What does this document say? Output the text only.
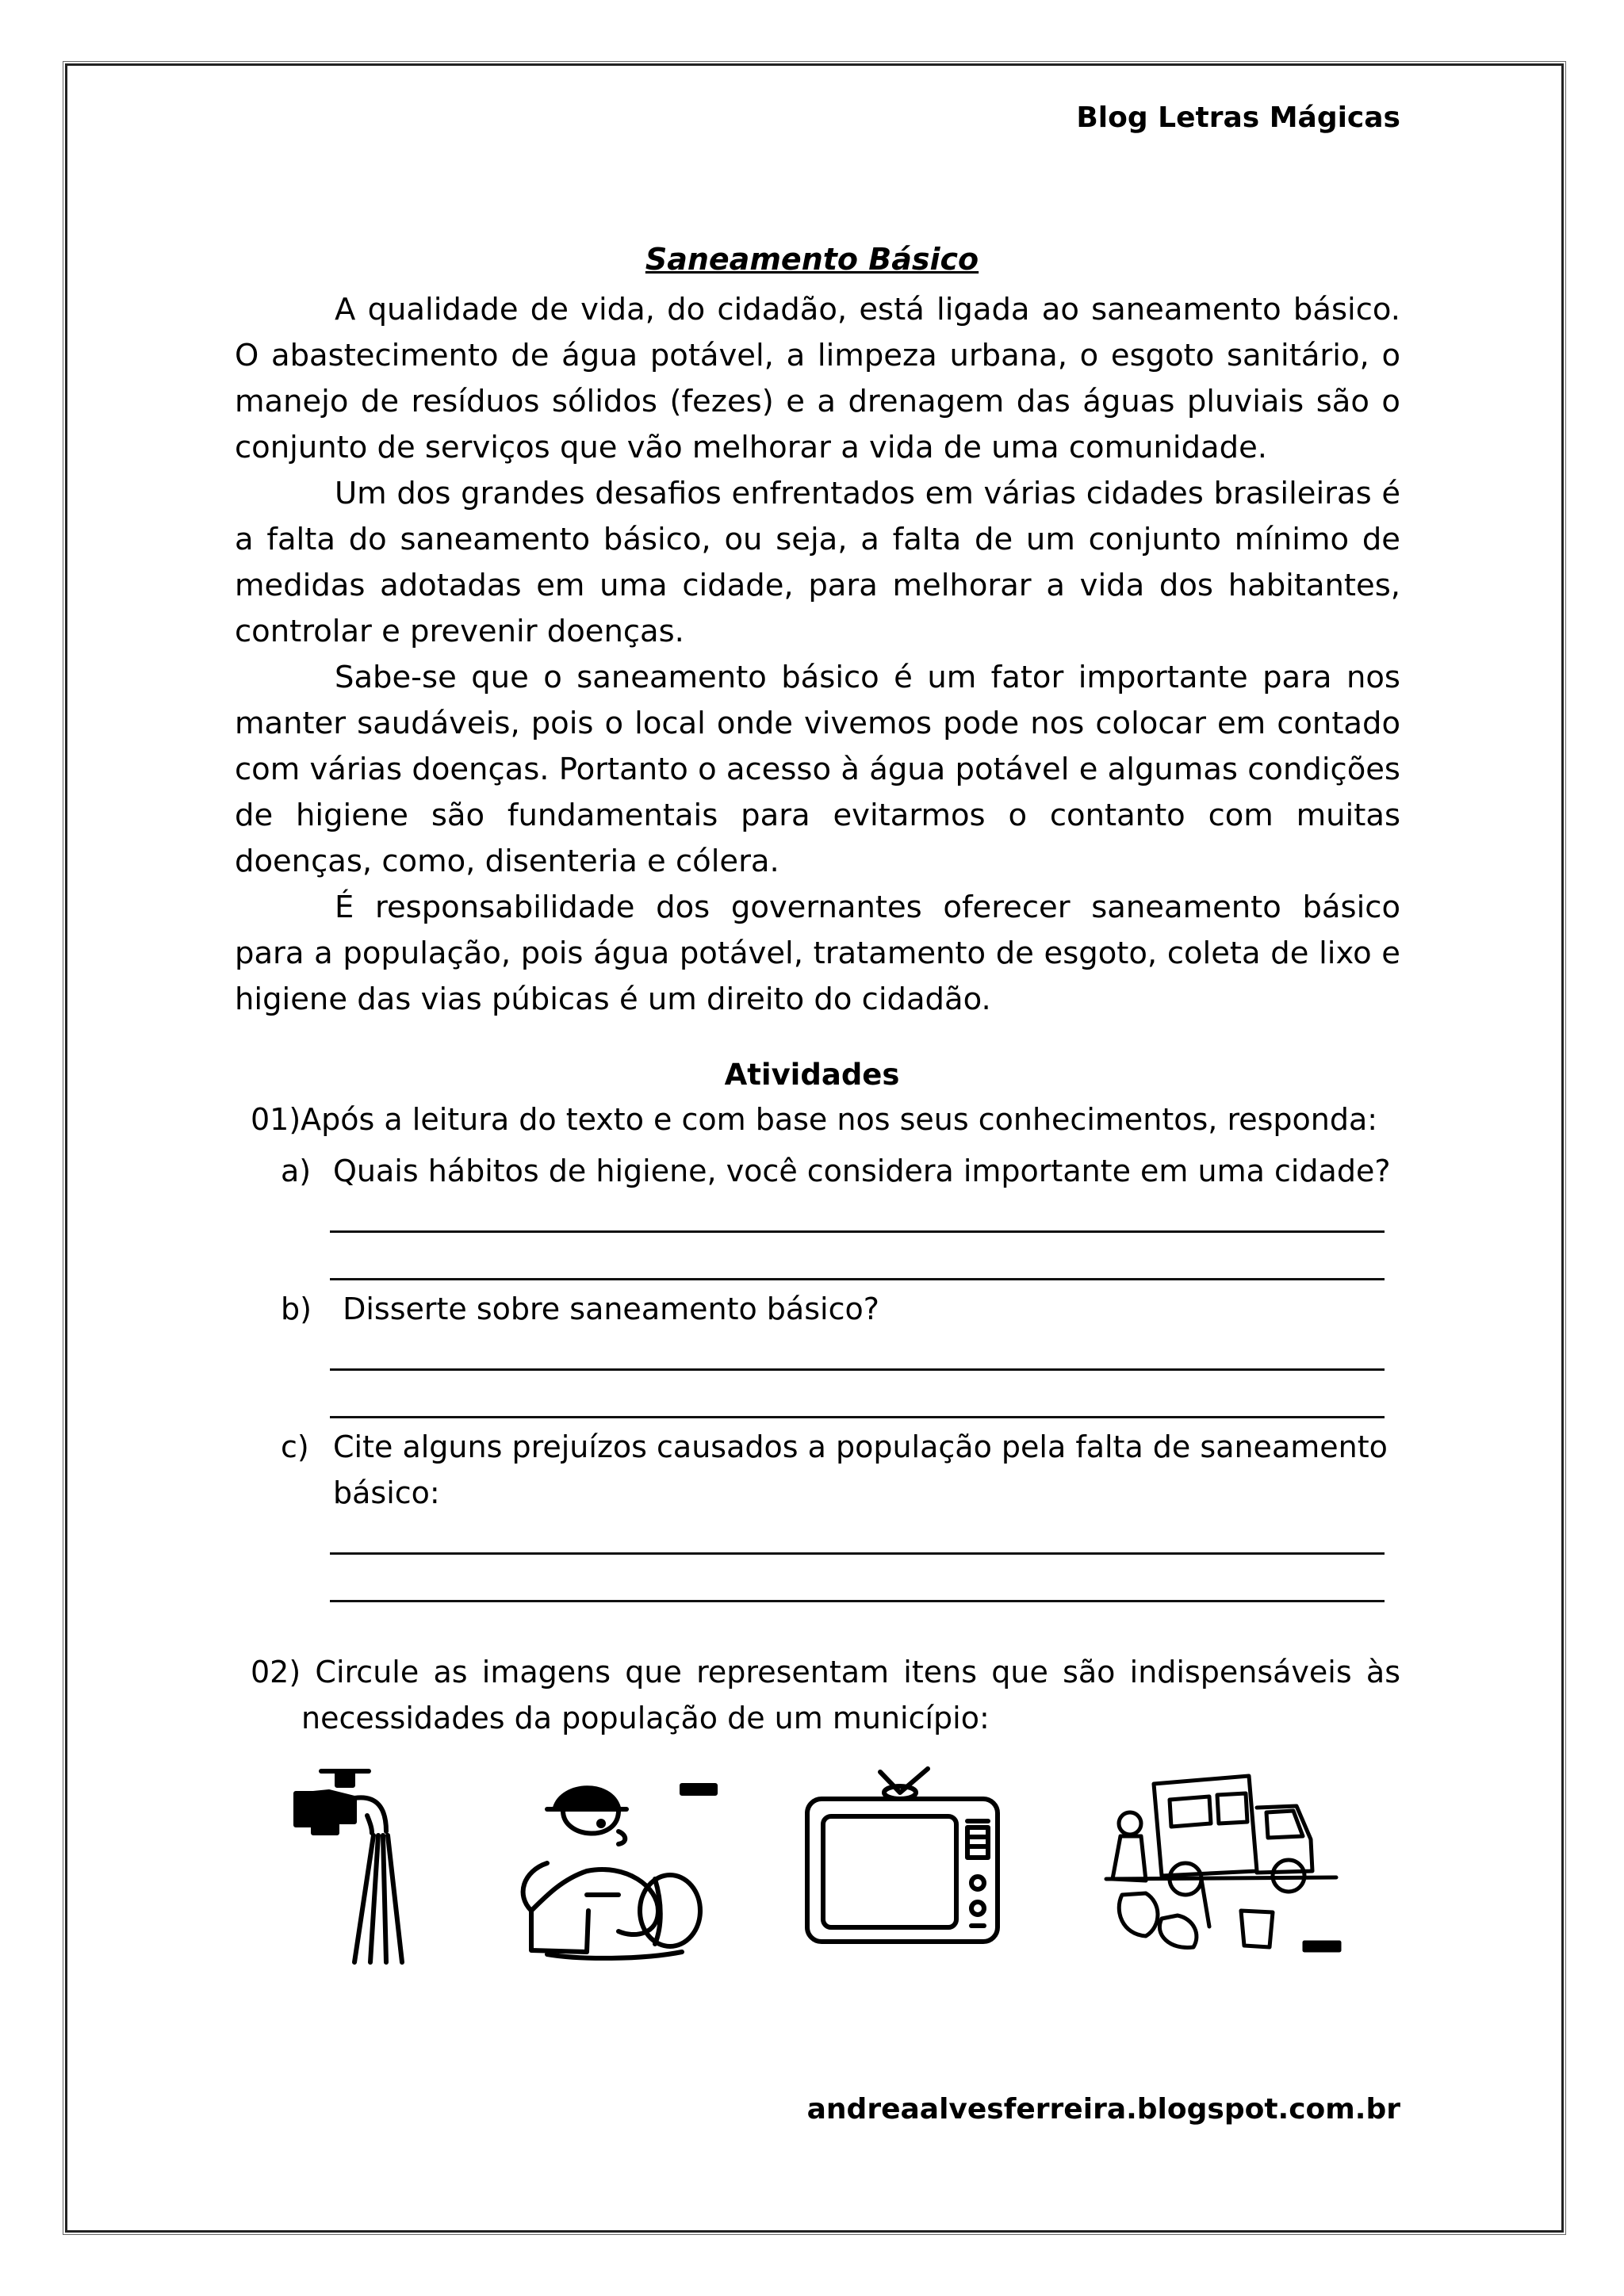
Blog Letras Mágicas
Saneamento Básico

A qualidade de vida, do cidadão, está ligada ao saneamento básico. O abastecimento de água potável, a limpeza urbana, o esgoto sanitário, o manejo de resíduos sólidos (fezes) e a drenagem das águas pluviais são o conjunto de serviços que vão melhorar a vida de uma comunidade.

Um dos grandes desafios enfrentados em várias cidades brasileiras é a falta do saneamento básico, ou seja, a falta de um conjunto mínimo de medidas adotadas em uma cidade, para melhorar a vida dos habitantes, controlar e prevenir doenças.

Sabe-se que o saneamento básico é um fator importante para nos manter saudáveis, pois o local onde vivemos pode nos colocar em contado com várias doenças. Portanto o acesso à água potável e algumas condições de higiene são fundamentais para evitarmos o contanto com muitas doenças, como, disenteria e cólera.

É responsabilidade dos governantes oferecer saneamento básico para a população, pois água potável, tratamento de esgoto, coleta de lixo e higiene das vias púbicas é um direito do cidadão.

Atividades
01)Após a leitura do texto e com base nos seus conhecimentos, responda:
a) Quais hábitos de higiene, você considera importante em uma cidade?
b) Disserte sobre saneamento básico?
c) Cite alguns prejuízos causados a população pela falta de saneamento
básico:
02) Circule as imagens que representam itens que são indispensáveis às
necessidades da população de um município:
andreaalvesferreira.blogspot.com.br
